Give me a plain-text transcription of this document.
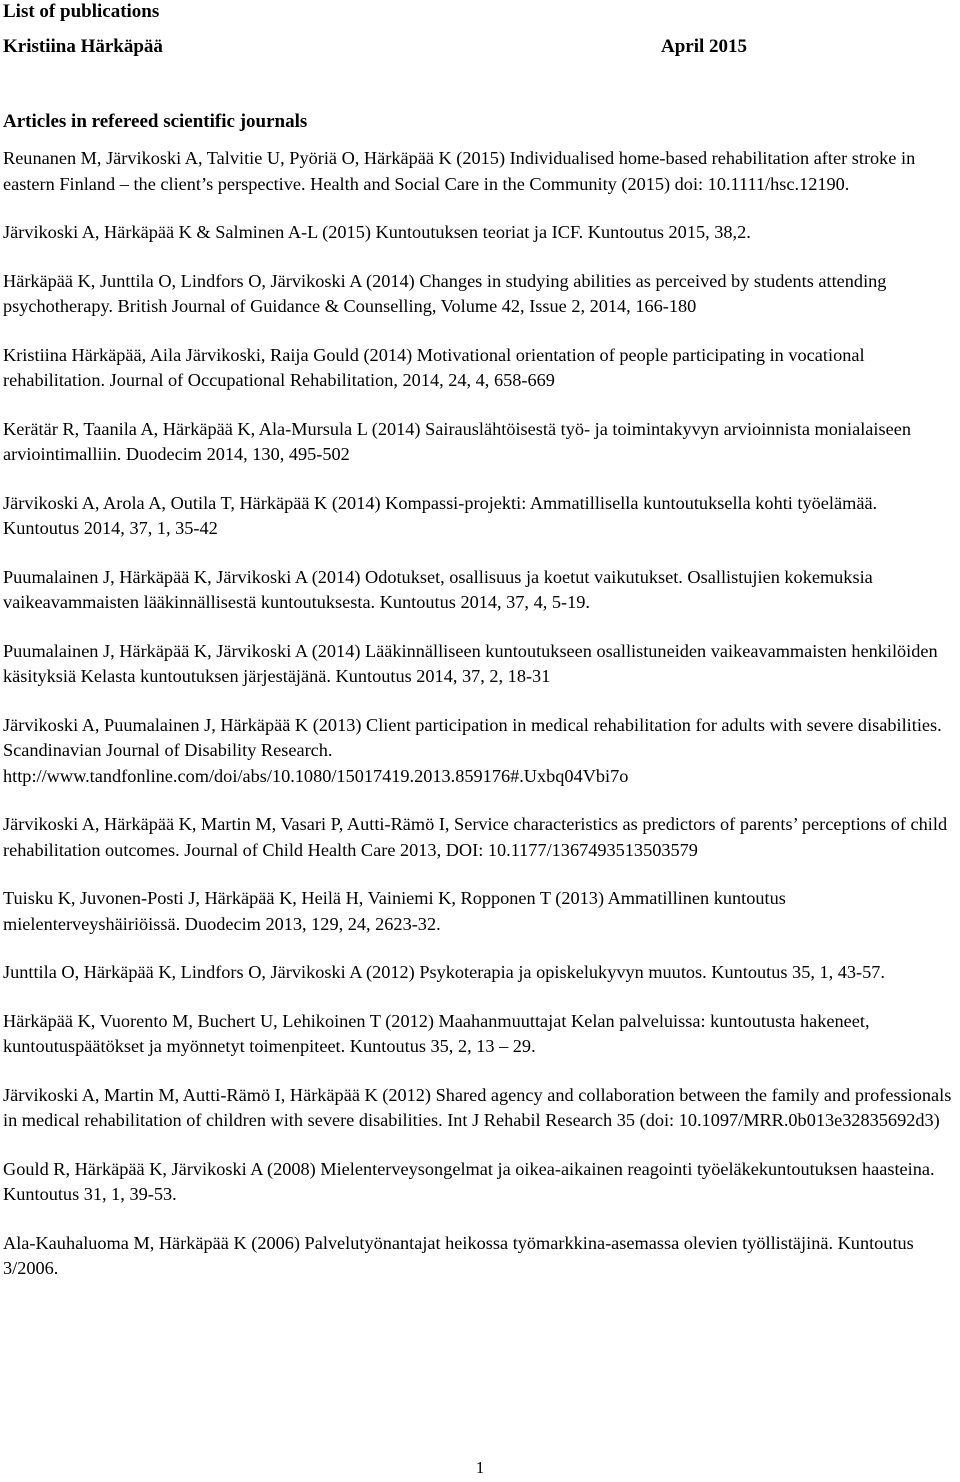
List of publications
Kristiina Härkäpää	April 2015
Articles in refereed scientific journals
Reunanen M, Järvikoski A, Talvitie U, Pyöriä O, Härkäpää K (2015) Individualised home-based rehabilitation after stroke in eastern Finland – the client’s perspective. Health and Social Care in the Community (2015) doi: 10.1111/hsc.12190.
Järvikoski A, Härkäpää K & Salminen A-L (2015) Kuntoutuksen teoriat ja ICF. Kuntoutus 2015, 38,2.
Härkäpää K, Junttila O, Lindfors O, Järvikoski A (2014) Changes in studying abilities as perceived by students attending psychotherapy. British Journal of Guidance & Counselling, Volume 42, Issue 2, 2014, 166-180
Kristiina Härkäpää, Aila Järvikoski, Raija Gould (2014) Motivational orientation of people participating in vocational rehabilitation. Journal of Occupational Rehabilitation, 2014, 24, 4, 658-669
Kerätär R, Taanila A, Härkäpää K, Ala-Mursula L (2014) Sairauslähtöisestä työ- ja toimintakyvyn arvioinnista monialaiseen arviointimalliin. Duodecim 2014, 130, 495-502
Järvikoski A, Arola A, Outila T, Härkäpää K (2014) Kompassi-projekti: Ammatillisella kuntoutuksella kohti työelämää. Kuntoutus 2014, 37, 1, 35-42
Puumalainen J, Härkäpää K, Järvikoski A (2014) Odotukset, osallisuus ja koetut vaikutukset. Osallistujien kokemuksia vaikeavammaisten lääkinnällisestä kuntoutuksesta. Kuntoutus 2014, 37, 4, 5-19.
Puumalainen J, Härkäpää K, Järvikoski A (2014) Lääkinnälliseen kuntoutukseen osallistuneiden vaikeavammaisten henkilöiden käsityksiä Kelasta kuntoutuksen järjestäjänä. Kuntoutus 2014, 37, 2, 18-31
Järvikoski A, Puumalainen J, Härkäpää K (2013) Client participation in medical rehabilitation for adults with severe disabilities. Scandinavian Journal of Disability Research. http://www.tandfonline.com/doi/abs/10.1080/15017419.2013.859176#.Uxbq04Vbi7o
Järvikoski A, Härkäpää K, Martin M, Vasari P, Autti-Rämö I, Service characteristics as predictors of parents’ perceptions of child rehabilitation outcomes. Journal of Child Health Care 2013, DOI: 10.1177/1367493513503579
Tuisku K, Juvonen-Posti J, Härkäpää K, Heilä H, Vainiemi K, Ropponen T (2013) Ammatillinen kuntoutus mielenterveyshäiriöissä. Duodecim 2013, 129, 24, 2623-32.
Junttila O, Härkäpää K, Lindfors O, Järvikoski A (2012) Psykoterapia ja opiskelukyvyn muutos. Kuntoutus 35, 1, 43-57.
Härkäpää K, Vuorento M, Buchert U, Lehikoinen T (2012) Maahanmuuttajat Kelan palveluissa: kuntoutusta hakeneet, kuntoutuspäätökset ja myönnetyt toimenpiteet. Kuntoutus 35, 2, 13 – 29.
Järvikoski A, Martin M, Autti-Rämö I, Härkäpää K (2012) Shared agency and collaboration between the family and professionals in medical rehabilitation of children with severe disabilities. Int J Rehabil Research 35 (doi: 10.1097/MRR.0b013e32835692d3)
Gould R, Härkäpää K, Järvikoski A (2008) Mielenterveysongelmat ja oikea-aikainen reagointi työeläkekuntoutuksen haasteina. Kuntoutus 31, 1, 39-53.
Ala-Kauhaluoma M, Härkäpää K (2006) Palvelutyönantajat heikossa työmarkkina-asemassa olevien työllistäjinä. Kuntoutus 3/2006.
1
